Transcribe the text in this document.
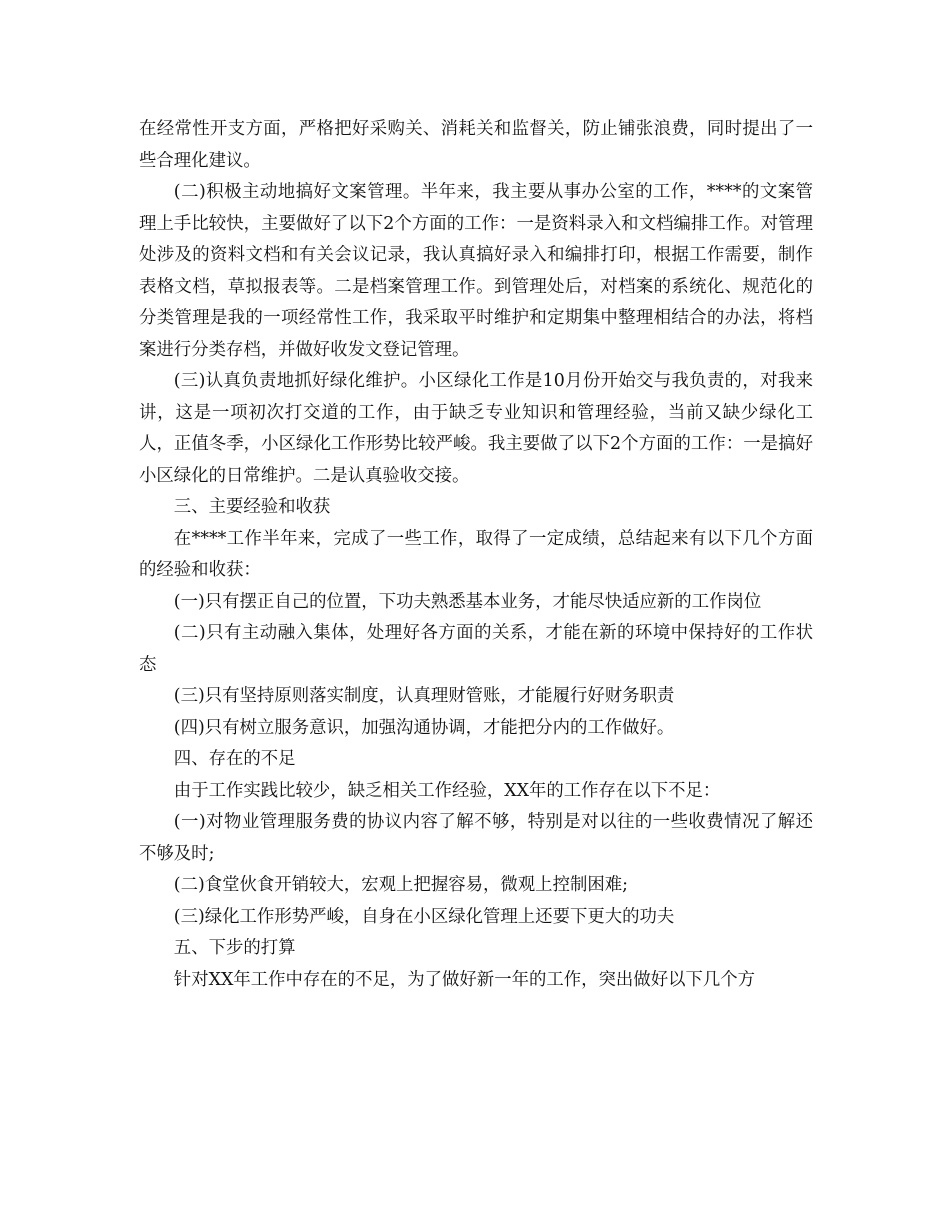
在经常性开支方面，严格把好采购关、消耗关和监督关，防止铺张浪费，同时提出了一些合理化建议。

(二)积极主动地搞好文案管理。半年来，我主要从事办公室的工作，****的文案管理上手比较快，主要做好了以下2个方面的工作：一是资料录入和文档编排工作。对管理处涉及的资料文档和有关会议记录，我认真搞好录入和编排打印，根据工作需要，制作表格文档，草拟报表等。二是档案管理工作。到管理处后，对档案的系统化、规范化的分类管理是我的一项经常性工作，我采取平时维护和定期集中整理相结合的办法，将档案进行分类存档，并做好收发文登记管理。

(三)认真负责地抓好绿化维护。小区绿化工作是10月份开始交与我负责的，对我来讲，这是一项初次打交道的工作，由于缺乏专业知识和管理经验，当前又缺少绿化工人，正值冬季，小区绿化工作形势比较严峻。我主要做了以下2个方面的工作：一是搞好小区绿化的日常维护。二是认真验收交接。

三、主要经验和收获

在****工作半年来，完成了一些工作，取得了一定成绩，总结起来有以下几个方面的经验和收获：

(一)只有摆正自己的位置，下功夫熟悉基本业务，才能尽快适应新的工作岗位

(二)只有主动融入集体，处理好各方面的关系，才能在新的环境中保持好的工作状态

(三)只有坚持原则落实制度，认真理财管账，才能履行好财务职责

(四)只有树立服务意识，加强沟通协调，才能把分内的工作做好。

四、存在的不足

由于工作实践比较少，缺乏相关工作经验，XX年的工作存在以下不足：

(一)对物业管理服务费的协议内容了解不够，特别是对以往的一些收费情况了解还不够及时;

(二)食堂伙食开销较大，宏观上把握容易，微观上控制困难;

(三)绿化工作形势严峻，自身在小区绿化管理上还要下更大的功夫

五、下步的打算

针对XX年工作中存在的不足，为了做好新一年的工作，突出做好以下几个方
